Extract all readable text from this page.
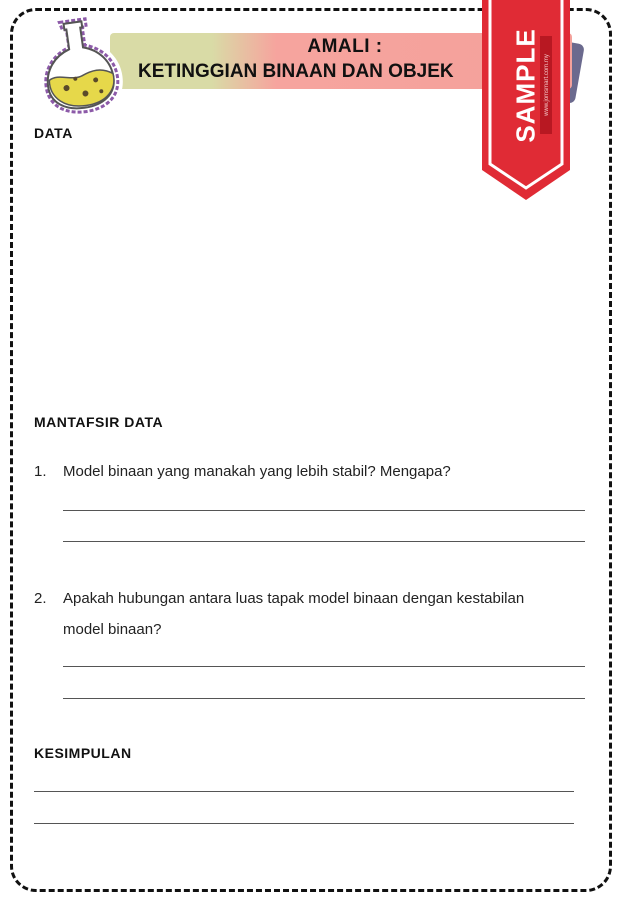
AMALI :
KETINGGIAN BINAAN DAN OBJEK	SAMPLE www.jomsmart.com.my
DATA
MANTAFSIR DATA
1. Model binaan yang manakah yang lebih stabil? Mengapa?
2. Apakah hubungan antara luas tapak model binaan dengan kestabilan
model binaan?
KESIMPULAN
